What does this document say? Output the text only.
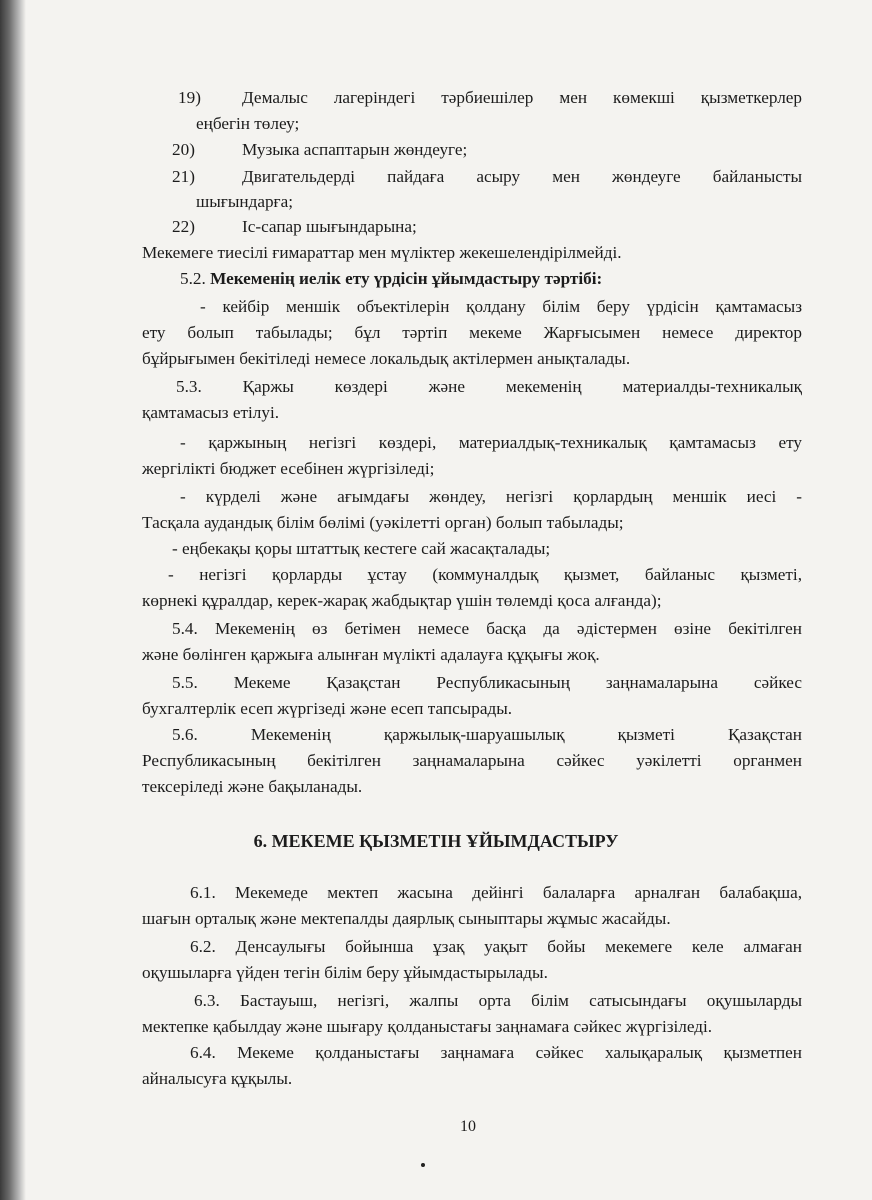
19) Демалыс лагеріндегі тәрбиешілер мен көмекші қызметкерлер
еңбегін төлеу;
20)	Музыка аспаптарын жөндеуге;
21)	Двигательдерді пайдаға асыру мен жөндеуге байланысты
шығындарға;
22)	Іс-сапар шығындарына;
Мекемеге тиесілі ғимараттар мен мүліктер жекешелендірілмейді.
5.2. Мекеменің иелік ету үрдісін ұйымдастыру тәртібі:
- кейбір меншік объектілерін қолдану білім беру үрдісін қамтамасыз
ету болып табылады; бұл тәртіп мекеме Жарғысымен немесе директор
бұйрығымен бекітіледі немесе локальдық актілермен анықталады.
5.3. Қаржы көздері және мекеменің материалды-техникалық
қамтамасыз етілуі.
- қаржының негізгі көздері, материалдық-техникалық қамтамасыз ету
жергілікті бюджет есебінен жүргізіледі;
- күрделі және ағымдағы жөндеу, негізгі қорлардың меншік иесі -
Тасқала аудандық білім бөлімі (уәкілетті орган) болып табылады;
- еңбекақы қоры штаттық кестеге сай жасақталады;
- негізгі қорларды ұстау (коммуналдық қызмет, байланыс қызметі,
көрнекі құралдар, керек-жарақ жабдықтар үшін төлемді қоса алғанда);
5.4. Мекеменің өз бетімен немесе басқа да әдістермен өзіне бекітілген
және бөлінген қаржыға алынған мүлікті адалауға құқығы жоқ.
5.5. Мекеме Қазақстан Республикасының заңнамаларына сәйкес
бухгалтерлік есеп жүргізеді және есеп тапсырады.
5.6. Мекеменің қаржылық-шаруашылық қызметі Қазақстан
Республикасының бекітілген заңнамаларына сәйкес уәкілетті органмен
тексеріледі және бақыланады.
6. МЕКЕМЕ ҚЫЗМЕТІН ҰЙЫМДАСТЫРУ
6.1. Мекемеде мектеп жасына дейінгі балаларға арналған балабақша,
шағын орталық және мектепалды даярлық сыныптары жұмыс жасайды.
6.2. Денсаулығы бойынша ұзақ уақыт бойы мекемеге келе алмаған
оқушыларға үйден тегін білім беру ұйымдастырылады.
6.3. Бастауыш, негізгі, жалпы орта білім сатысындағы оқушыларды
мектепке қабылдау және шығару қолданыстағы заңнамаға сәйкес жүргізіледі.
6.4. Мекеме қолданыстағы заңнамаға сәйкес халықаралық қызметпен
айналысуға құқылы.
10
